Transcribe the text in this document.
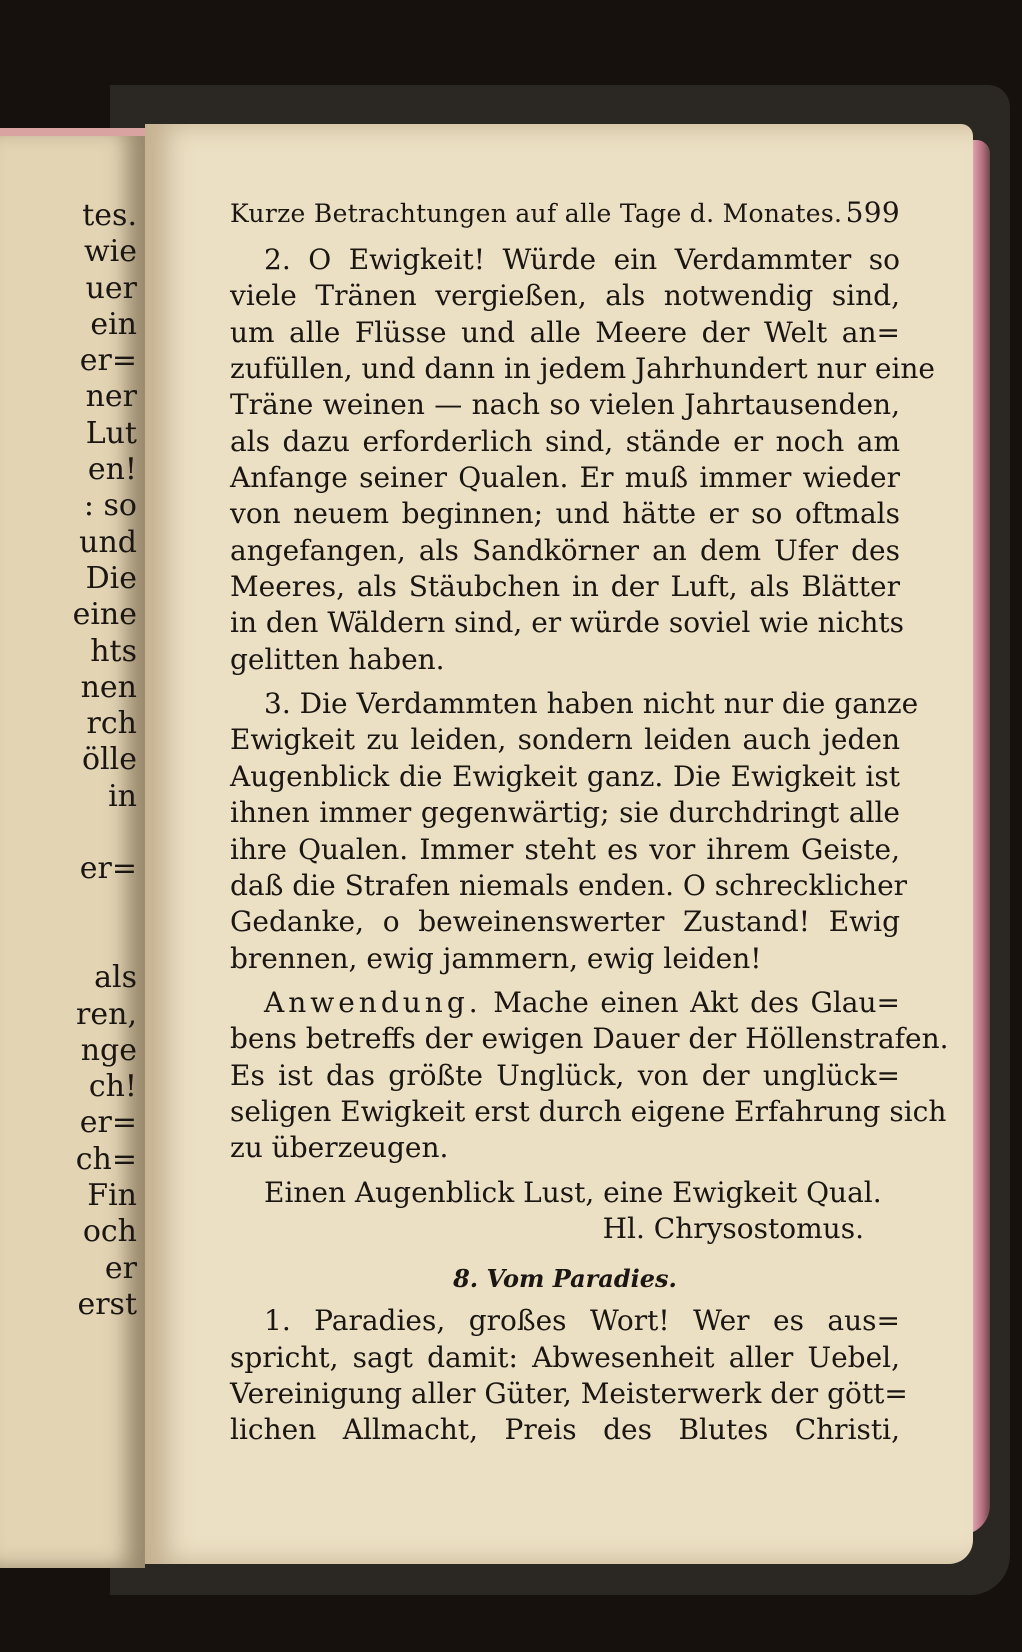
tes.
wie
uer
ein
er=
ner
Lut
en!
: so
und
Die
eine
hts
nen
rch
ölle
in
er=
als
ren,
nge
ch!
er=
ch=
Fin
och
er
erst
Kurze Betrachtungen auf alle Tage d. Monates. 599
2. O Ewigkeit! Würde ein Verdammter so
viele Tränen vergießen, als notwendig sind,
um alle Flüsse und alle Meere der Welt an=
zufüllen, und dann in jedem Jahrhundert nur eine
Träne weinen — nach so vielen Jahrtausenden,
als dazu erforderlich sind, stände er noch am
Anfange seiner Qualen. Er muß immer wieder
von neuem beginnen; und hätte er so oftmals
angefangen, als Sandkörner an dem Ufer des
Meeres, als Stäubchen in der Luft, als Blätter
in den Wäldern sind, er würde soviel wie nichts
gelitten haben.
3. Die Verdammten haben nicht nur die ganze
Ewigkeit zu leiden, sondern leiden auch jeden
Augenblick die Ewigkeit ganz. Die Ewigkeit ist
ihnen immer gegenwärtig; sie durchdringt alle
ihre Qualen. Immer steht es vor ihrem Geiste,
daß die Strafen niemals enden. O schrecklicher
Gedanke, o beweinenswerter Zustand! Ewig
brennen, ewig jammern, ewig leiden!
Anwendung. Mache einen Akt des Glau=
bens betreffs der ewigen Dauer der Höllenstrafen.
Es ist das größte Unglück, von der unglück=
seligen Ewigkeit erst durch eigene Erfahrung sich
zu überzeugen.
Einen Augenblick Lust, eine Ewigkeit Qual.
Hl. Chrysostomus.
8. Vom Paradies.
1. Paradies, großes Wort! Wer es aus=
spricht, sagt damit: Abwesenheit aller Uebel,
Vereinigung aller Güter, Meisterwerk der gött=
lichen Allmacht, Preis des Blutes Christi,
